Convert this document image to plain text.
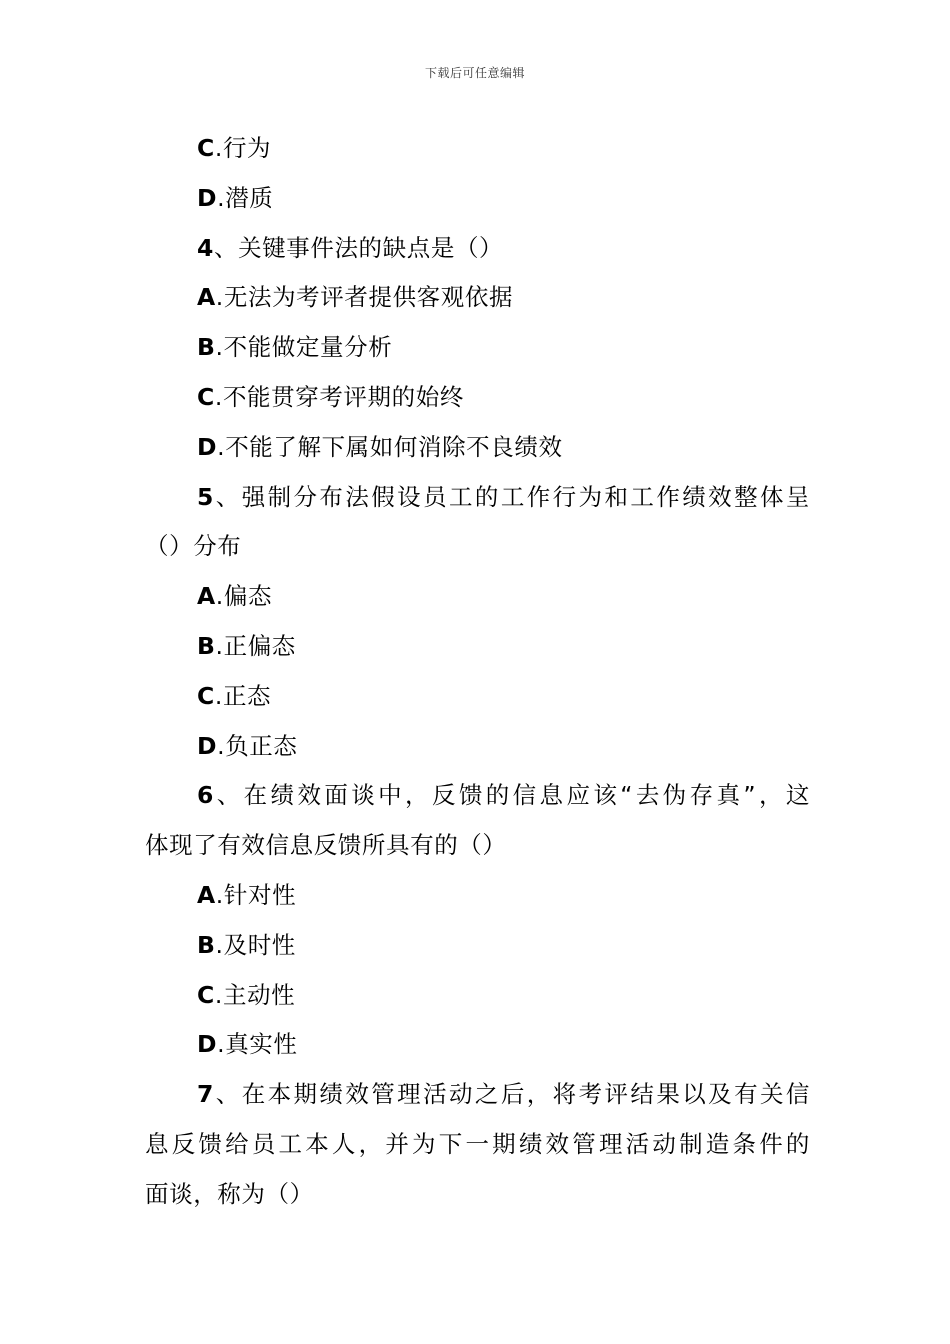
下载后可任意编辑
C.行为
D.潜质
4、关键事件法的缺点是（）
A.无法为考评者提供客观依据
B.不能做定量分析
C.不能贯穿考评期的始终
D.不能了解下属如何消除不良绩效
5、强制分布法假设员工的工作行为和工作绩效整体呈
（）分布
A.偏态
B.正偏态
C.正态
D.负正态
6、在绩效面谈中，反馈的信息应该“去伪存真”，这
体现了有效信息反馈所具有的（）
A.针对性
B.及时性
C.主动性
D.真实性
7、在本期绩效管理活动之后，将考评结果以及有关信
息反馈给员工本人，并为下一期绩效管理活动制造条件的
面谈，称为（）
